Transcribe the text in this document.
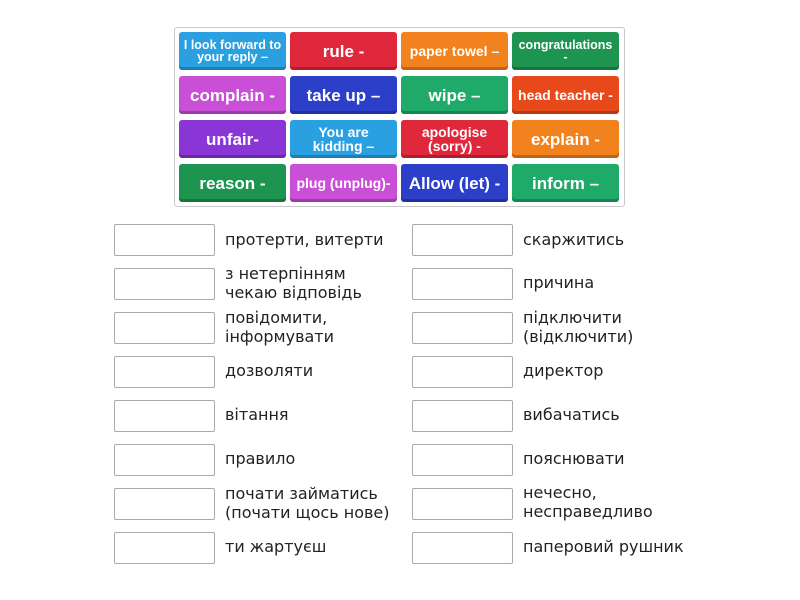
I look forward to your reply –	rule -	paper towel – congratulations -
complain - take up –	wipe –	head teacher -
unfair-	You are kidding –
apologise (sorry) -	explain -
reason - plug (unplug)- Allow (let) - inform –
протерти, витерти
з нетерпінням
чекаю відповідь
повідомити,
інформувати
дозволяти
вітання
правило
почати займатись
(почати щось нове)
ти жартуєш
скаржитись
причина
підключити
(відключити)
директор
вибачатись
пояснювати
нечесно,
несправедливо
паперовий рушник
